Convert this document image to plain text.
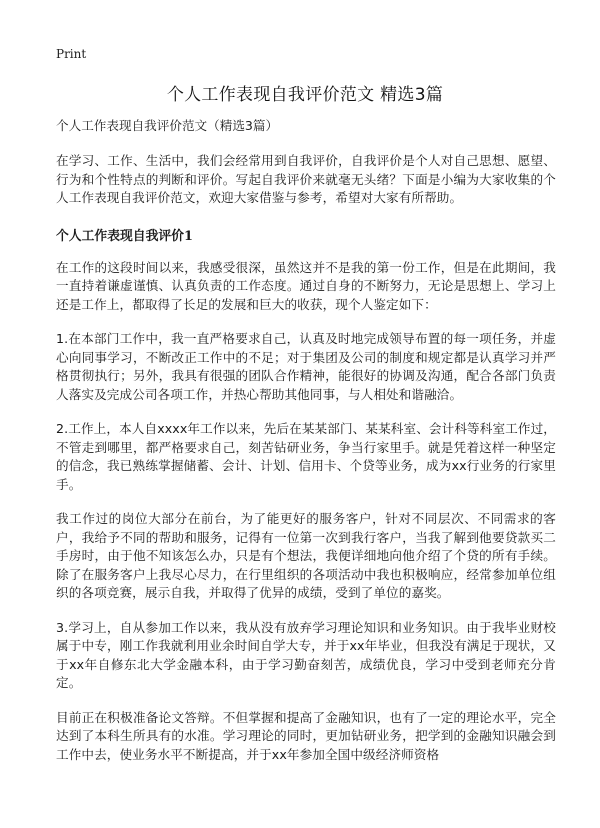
Print
个人工作表现自我评价范文 精选3篇
个人工作表现自我评价范文（精选3篇）

在学习、工作、生活中，我们会经常用到自我评价，自我评价是个人对自己思想、愿望、行为和个性特点的判断和评价。写起自我评价来就毫无头绪？下面是小编为大家收集的个人工作表现自我评价范文，欢迎大家借鉴与参考，希望对大家有所帮助。

个人工作表现自我评价1

在工作的这段时间以来，我感受很深，虽然这并不是我的第一份工作，但是在此期间，我一直持着谦虚谨慎、认真负责的工作态度。通过自身的不断努力，无论是思想上、学习上还是工作上，都取得了长足的发展和巨大的收获，现个人鉴定如下：

1.在本部门工作中，我一直严格要求自己，认真及时地完成领导布置的每一项任务，并虚心向同事学习，不断改正工作中的不足；对于集团及公司的制度和规定都是认真学习并严格贯彻执行；另外，我具有很强的团队合作精神，能很好的协调及沟通，配合各部门负责人落实及完成公司各项工作，并热心帮助其他同事，与人相处和谐融洽。

2.工作上，本人自xxxx年工作以来，先后在某某部门、某某科室、会计科等科室工作过，不管走到哪里，都严格要求自己，刻苦钻研业务，争当行家里手。就是凭着这样一种坚定的信念，我已熟练掌握储蓄、会计、计划、信用卡、个贷等业务，成为xx行业务的行家里手。

我工作过的岗位大部分在前台，为了能更好的服务客户，针对不同层次、不同需求的客户，我给予不同的帮助和服务，记得有一位第一次到我行客户，当我了解到他要贷款买二手房时，由于他不知该怎么办，只是有个想法，我便详细地向他介绍了个贷的所有手续。除了在服务客户上我尽心尽力，在行里组织的各项活动中我也积极响应，经常参加单位组织的各项竞赛，展示自我，并取得了优异的成绩，受到了单位的嘉奖。

3.学习上，自从参加工作以来，我从没有放弃学习理论知识和业务知识。由于我毕业财校属于中专，刚工作我就利用业余时间自学大专，并于xx年毕业，但我没有满足于现状，又于xx年自修东北大学金融本科，由于学习勤奋刻苦，成绩优良，学习中受到老师充分肯定。

目前正在积极准备论文答辩。不但掌握和提高了金融知识，也有了一定的理论水平，完全达到了本科生所具有的水准。学习理论的同时，更加钻研业务，把学到的金融知识融会到工作中去，使业务水平不断提高，并于xx年参加全国中级经济师资格
